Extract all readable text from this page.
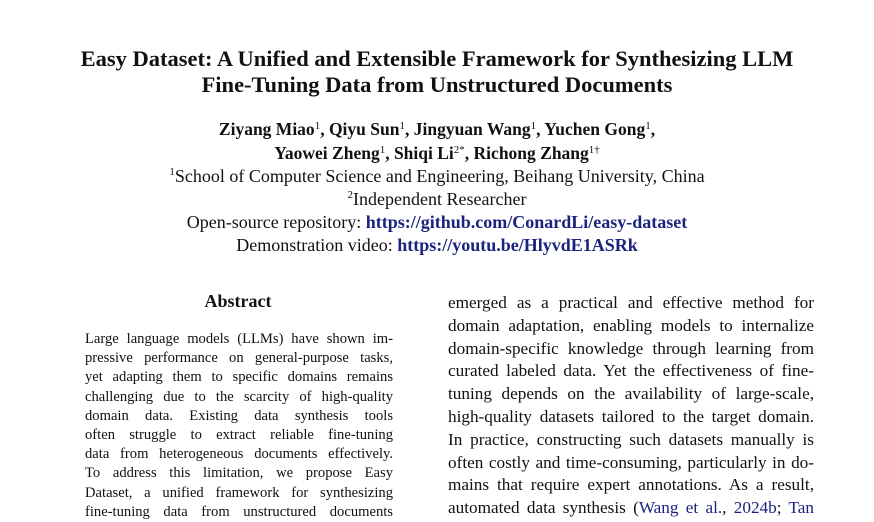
Easy Dataset: A Unified and Extensible Framework for Synthesizing LLM
Fine-Tuning Data from Unstructured Documents
Ziyang Miao$^1$, Qiyu Sun$^1$, Jingyuan Wang$^1$, Yuchen Gong$^1$,
Yaowei Zheng$^1$, Shiqi $Li^{2*}$, Richong Zhang$^{1\dagger}$
$^1$School of Computer Science and Engineering, Beihang University, China
$^2$Independent Researcher
Open-source repository: https://github.com/ConardLi/easy-dataset
Demonstration video: https://youtu.be/HlyvdE1ASRk
Abstract
Large language models (LLMs) have shown im-
pressive performance on general-purpose tasks,
yet adapting them to specific domains remains
challenging due to the scarcity of high-quality
domain data. Existing data synthesis tools
often struggle to extract reliable fine-tuning
data from heterogeneous documents effectively.
To address this limitation, we propose Easy
Dataset, a unified framework for synthesizing
fine-tuning data from unstructured documents
emerged as a practical and effective method for
domain adaptation, enabling models to internalize
domain-specific knowledge through learning from
curated labeled data. Yet the effectiveness of fine-
tuning depends on the availability of large-scale,
high-quality datasets tailored to the target domain.
In practice, constructing such datasets manually is
often costly and time-consuming, particularly in do-
mains that require expert annotations. As a result,
automated data synthesis (Wang et al., 2024b; Tan
